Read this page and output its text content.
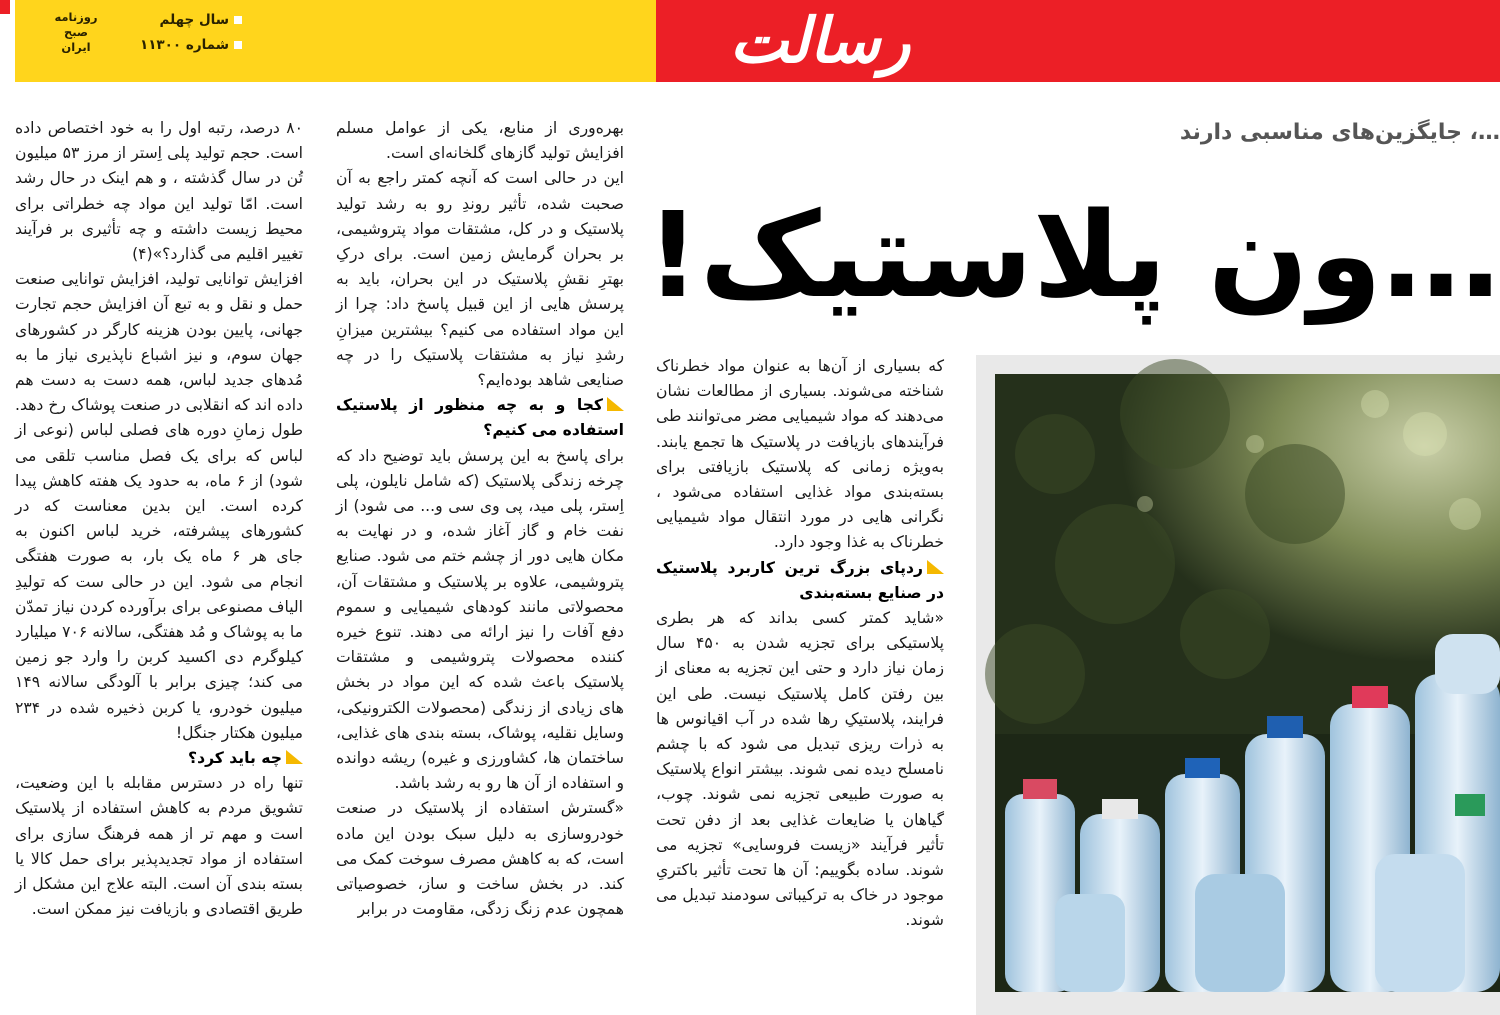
رسالت
سال چهلم
شماره ۱۱۳۰۰
روزنامه
صبح
ایران
…، جایگزین‌های مناسبی دارند
…ون پلاستیک!

که بسیاری از آن‌ها به عنوان مواد خطرناک شناخته می‌شوند. بسیاری از مطالعات نشان می‌دهند که مواد شیمیایی مضر می‌توانند طی فرآیندهای بازیافت در پلاستیک ها تجمع یابند. به‌ویژه زمانی که پلاستیک بازیافتی برای بسته‌بندی مواد غذایی استفاده می‌شود ، نگرانی هایی در مورد انتقال مواد شیمیایی خطرناک به غذا وجود دارد.

ردپای بزرگ ترین کاربرد پلاستیک در صنایع بسته‌بندی

«شاید کمتر کسی بداند که هر بطری پلاستیکی برای تجزیه شدن به ۴۵۰ سال زمان نیاز دارد و حتی این تجزیه به معنای از بین رفتن کامل پلاستیک نیست. طی این فرایند، پلاستیکِ رها شده در آب اقیانوس ها به ذرات ریزی تبدیل می شود که با چشم نامسلح دیده نمی شوند. بیشتر انواع پلاستیک به صورت طبیعی تجزیه نمی شوند. چوب، گیاهان یا ضایعات غذایی بعد از دفن تحت تأثیر فرآیند «زیست فروسایی» تجزیه می شوند. ساده بگوییم: آن ها تحت تأثیر باکتریِ موجود در خاک به ترکیباتی سودمند تبدیل می شوند.

بهره‌وری از منابع، یکی از عوامل مسلم افزایش تولید گازهای گلخانه‌ای است.

این در حالی است که آنچه کمتر راجع به آن صحبت شده، تأثیر روندِ رو به رشد تولید پلاستیک و در کل، مشتقات مواد پتروشیمی، بر بحران گرمایش زمین است. برای درکِ بهترِ نقشِ پلاستیک در این بحران، باید به پرسش هایی از این قبیل پاسخ داد: چرا از این مواد استفاده می کنیم؟ بیشترین میزانِ رشدِ نیاز به مشتقات پلاستیک را در چه صنایعی شاهد بوده‌ایم؟

کجا و به چه منظور از پلاستیک استفاده می کنیم؟

برای پاسخ به این پرسش باید توضیح داد که چرخه زندگی پلاستیک (که شامل نایلون، پلی اِستر، پلی مید، پی وی سی و... می شود) از نفت خام و گاز آغاز شده، و در نهایت به مکان هایی دور از چشم ختم می شود. صنایع پتروشیمی، علاوه بر پلاستیک و مشتقات آن، محصولاتی مانند کودهای شیمیایی و سموم دفع آفات را نیز ارائه می دهند. تنوع خیره کننده محصولات پتروشیمی و مشتقات پلاستیک باعث شده که این مواد در بخش های زیادی از زندگی (محصولات الکترونیکی، وسایل نقلیه، پوشاک، بسته بندی های غذایی، ساختمان ها، کشاورزی و غیره) ریشه دوانده و استفاده از آن ها رو به رشد باشد.

«گسترش استفاده از پلاستیک در صنعت خودروسازی به دلیل سبک بودن این ماده است، که به کاهش مصرف سوخت کمک می کند. در بخش ساخت و ساز، خصوصیاتی همچون عدم زنگ زدگی، مقاومت در برابر

۸۰ درصد، رتبه اول را به خود اختصاص داده است. حجم تولید پلی اِستر از مرز ۵۳ میلیون تُن در سال گذشته ، و هم اینک در حال رشد است. امّا تولید این مواد چه خطراتی برای محیط زیست داشته و چه تأثیری بر فرآیند تغییر اقلیم می گذارد؟»(۴)

افزایش توانایی تولید، افزایش توانایی صنعت حمل و نقل و به تبع آن افزایش حجم تجارت جهانی، پایین بودن هزینه کارگر در کشورهای جهان سوم، و نیز اشباع ناپذیری نیاز ما به مُدهای جدید لباس، همه دست به دست هم داده اند که انقلابی در صنعت پوشاک رخ دهد. طول زمانِ دوره های فصلی لباس (نوعی از لباس که برای یک فصل مناسب تلقی می شود) از ۶ ماه، به حدود یک هفته کاهش پیدا کرده است. این بدین معناست که در کشورهای پیشرفته، خرید لباس اکنون به جای هر ۶ ماه یک بار، به صورت هفتگی انجام می شود. این در حالی ست که تولیدِ الیاف مصنوعی برای برآورده کردن نیاز تمدّن ما به پوشاک و مُد هفتگی، سالانه ۷۰۶ میلیارد کیلوگرم دی اکسید کربن را وارد جو زمین می کند؛ چیزی برابر با آلودگی سالانه ۱۴۹ میلیون خودرو، یا کربن ذخیره شده در ۲۳۴ میلیون هکتار جنگل!

چه باید کرد؟

تنها راه در دسترس مقابله با این وضعیت، تشویق مردم به کاهش استفاده از پلاستیک است و مهم تر از همه فرهنگ سازی برای استفاده از مواد تجدیدپذیر برای حمل کالا یا بسته بندی آن است. البته علاج این مشکل از طریق اقتصادی و بازیافت نیز ممکن است.
